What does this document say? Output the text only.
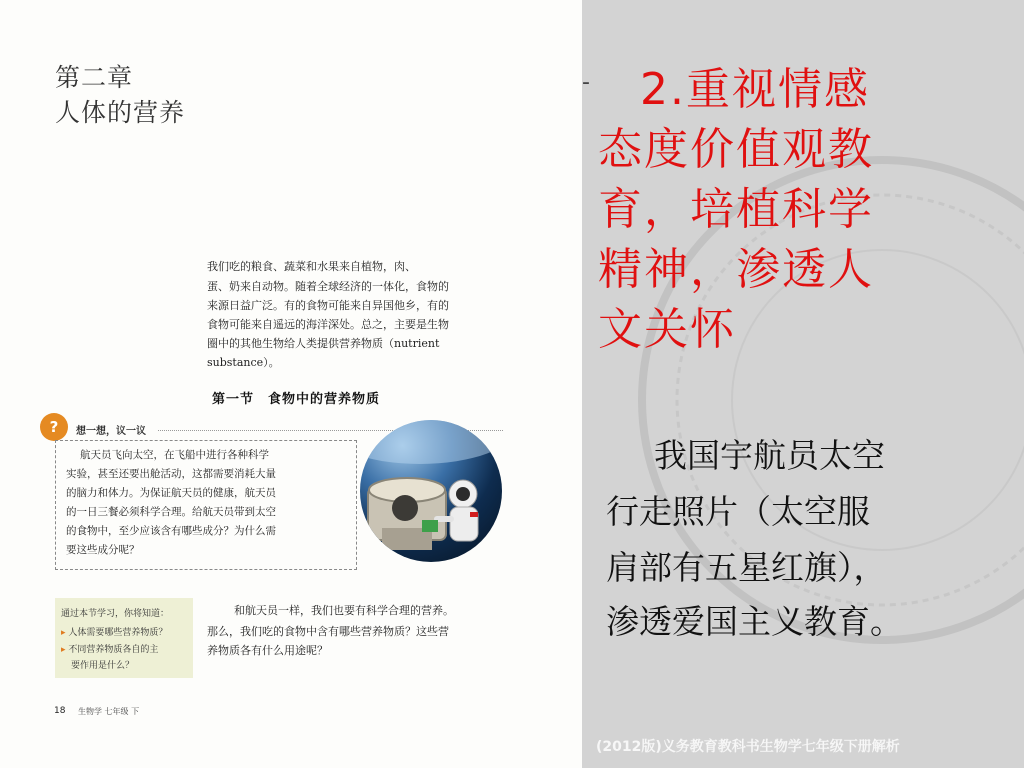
第二章
人体的营养
我们吃的粮食、蔬菜和水果来自植物，肉、
蛋、奶来自动物。随着全球经济的一体化，食物的
来源日益广泛。有的食物可能来自异国他乡，有的
食物可能来自遥远的海洋深处。总之，主要是生物
圈中的其他生物给人类提供营养物质（nutrient
substance）。
第一节　食物中的营养物质
?	想一想，议一议
航天员飞向太空，在飞船中进行各种科学
实验，甚至还要出舱活动，这都需要消耗大量
的脑力和体力。为保证航天员的健康，航天员
的一日三餐必须科学合理。给航天员带到太空
的食物中，至少应该含有哪些成分？为什么需
要这些成分呢？
通过本节学习，你将知道：
▸ 人体需要哪些营养物质？
▸ 不同营养物质各自的主
要作用是什么？
和航天员一样，我们也要有科学合理的营养。
那么，我们吃的食物中含有哪些营养物质？这些营
养物质各有什么用途呢？
18 生物学 七年级 下
- 2.重视情感
态度价值观教
育，培植科学
精神，渗透人
文关怀
我国宇航员太空
行走照片（太空服
肩部有五星红旗），
渗透爱国主义教育。
(2012版)义务教育教科书生物学七年级下册解析
